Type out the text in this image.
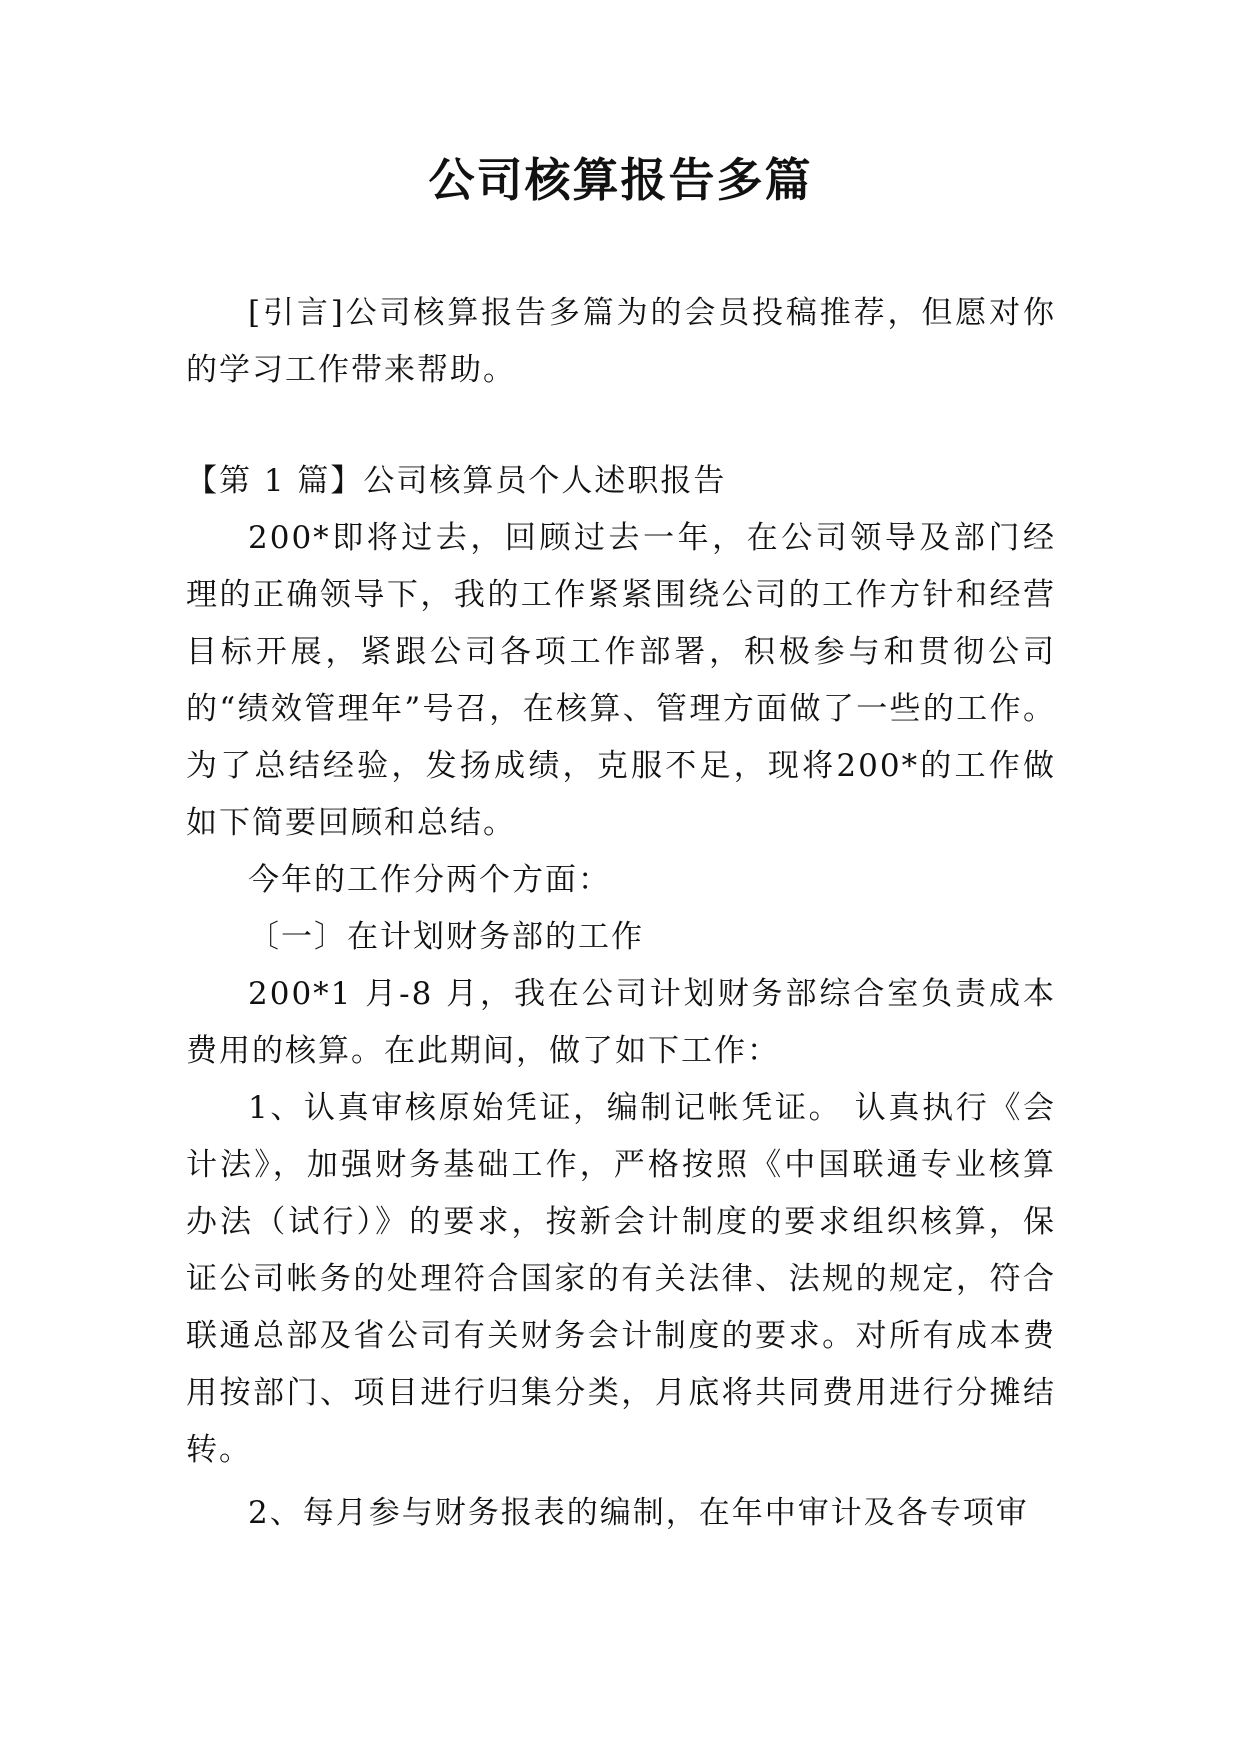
公司核算报告多篇

[引言]公司核算报告多篇为的会员投稿推荐，但愿对你的学习工作带来帮助。

【第 1 篇】公司核算员个人述职报告

200*即将过去，回顾过去一年，在公司领导及部门经理的正确领导下，我的工作紧紧围绕公司的工作方针和经营目标开展，紧跟公司各项工作部署，积极参与和贯彻公司的“绩效管理年”号召，在核算、管理方面做了一些的工作。为了总结经验，发扬成绩，克服不足，现将200*的工作做如下简要回顾和总结。

今年的工作分两个方面：

〔一〕在计划财务部的工作

200*1 月-8 月，我在公司计划财务部综合室负责成本费用的核算。在此期间，做了如下工作：

1、认真审核原始凭证，编制记帐凭证。 认真执行《会计法》，加强财务基础工作，严格按照《中国联通专业核算办法（试行）》的要求，按新会计制度的要求组织核算，保证公司帐务的处理符合国家的有关法律、法规的规定，符合联通总部及省公司有关财务会计制度的要求。对所有成本费用按部门、项目进行归集分类，月底将共同费用进行分摊结转。

2、每月参与财务报表的编制，在年中审计及各专项审
